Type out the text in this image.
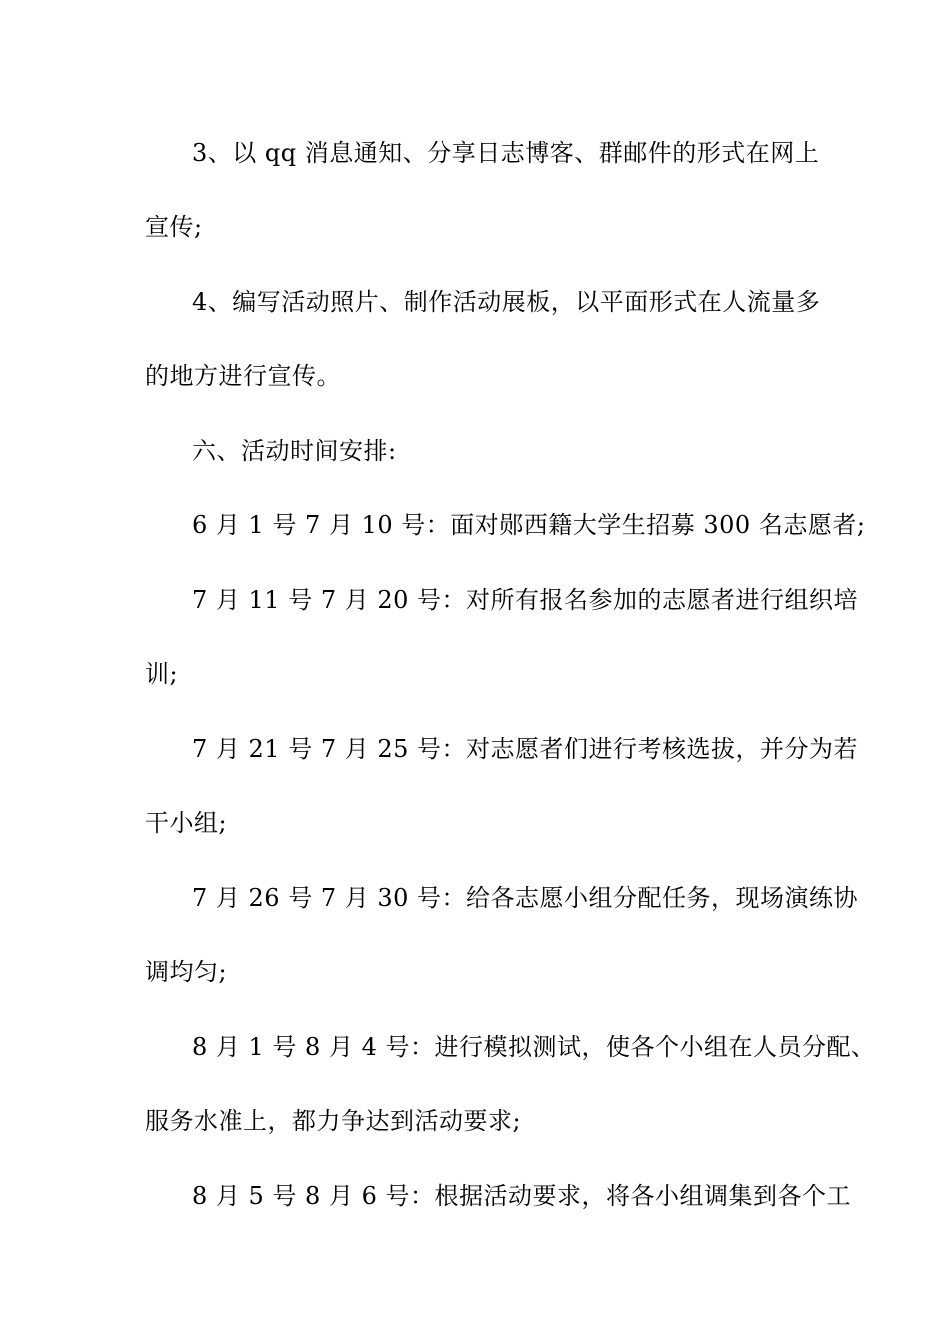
3、以 qq 消息通知、分享日志博客、群邮件的形式在网上
宣传;
4、编写活动照片、制作活动展板，以平面形式在人流量多
的地方进行宣传。
六、活动时间安排:
6 月 1 号 7 月 10 号：面对郧西籍大学生招募 300 名志愿者;
7 月 11 号 7 月 20 号：对所有报名参加的志愿者进行组织培
训;
7 月 21 号 7 月 25 号：对志愿者们进行考核选拔，并分为若
干小组;
7 月 26 号 7 月 30 号：给各志愿小组分配任务，现场演练协
调均匀;
8 月 1 号 8 月 4 号：进行模拟测试，使各个小组在人员分配、
服务水准上，都力争达到活动要求;
8 月 5 号 8 月 6 号：根据活动要求，将各小组调集到各个工
